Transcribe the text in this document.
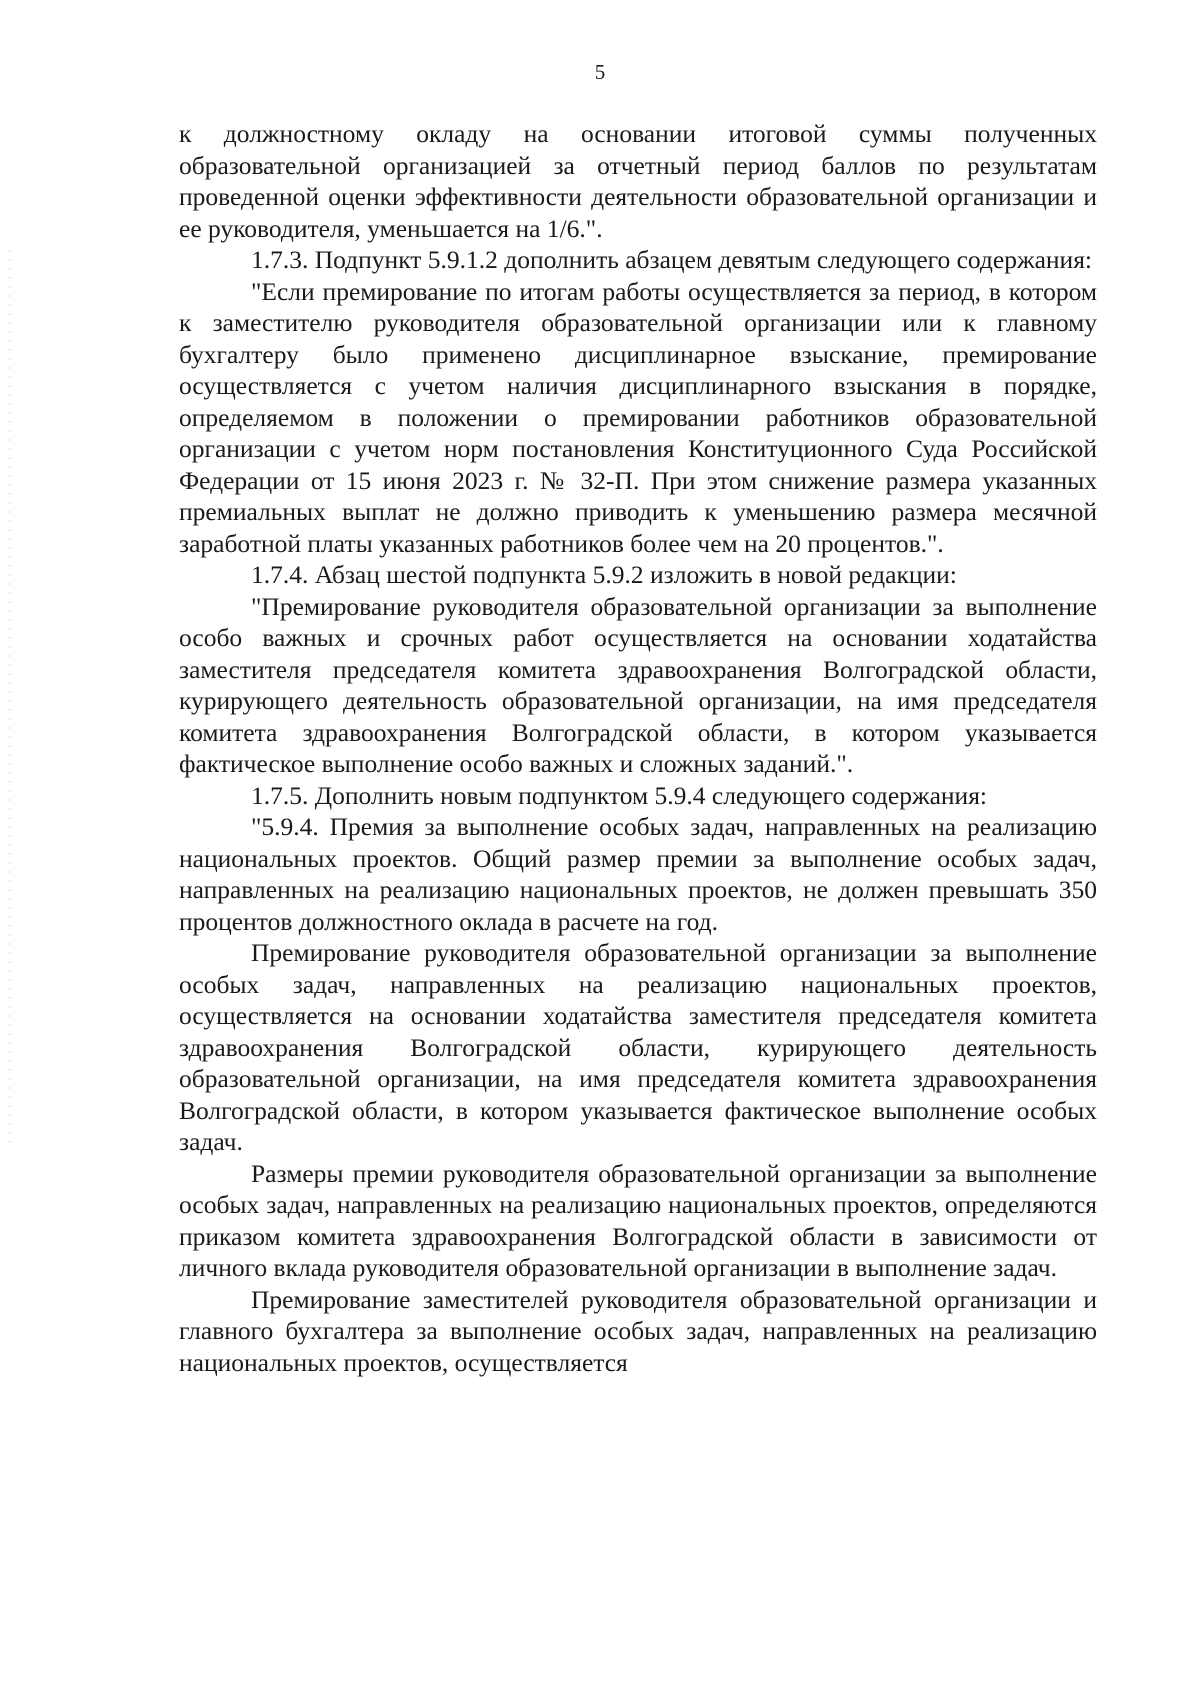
5

к должностному окладу на основании итоговой суммы полученных образовательной организацией за отчетный период баллов по результатам проведенной оценки эффективности деятельности образовательной организации и ее руководителя, уменьшается на 1/6.".

1.7.3. Подпункт 5.9.1.2 дополнить абзацем девятым следующего содержания:

"Если премирование по итогам работы осуществляется за период, в котором к заместителю руководителя образовательной организации или к главному бухгалтеру было применено дисциплинарное взыскание, премирование осуществляется с учетом наличия дисциплинарного взыскания в порядке, определяемом в положении о премировании работников образовательной организации с учетом норм постановления Конституционного Суда Российской Федерации от 15 июня 2023 г. № 32-П. При этом снижение размера указанных премиальных выплат не должно приводить к уменьшению размера месячной заработной платы указанных работников более чем на 20 процентов.".

1.7.4. Абзац шестой подпункта 5.9.2 изложить в новой редакции:

"Премирование руководителя образовательной организации за выполнение особо важных и срочных работ осуществляется на основании ходатайства заместителя председателя комитета здравоохранения Волгоградской области, курирующего деятельность образовательной организации, на имя председателя комитета здравоохранения Волгоградской области, в котором указывается фактическое выполнение особо важных и сложных заданий.".

1.7.5. Дополнить новым подпунктом 5.9.4 следующего содержания:

"5.9.4. Премия за выполнение особых задач, направленных на реализацию национальных проектов. Общий размер премии за выполнение особых задач, направленных на реализацию национальных проектов, не должен превышать 350 процентов должностного оклада в расчете на год.

Премирование руководителя образовательной организации за выполнение особых задач, направленных на реализацию национальных проектов, осуществляется на основании ходатайства заместителя председателя комитета здравоохранения Волгоградской области, курирующего деятельность образовательной организации, на имя председателя комитета здравоохранения Волгоградской области, в котором указывается фактическое выполнение особых задач.

Размеры премии руководителя образовательной организации за выполнение особых задач, направленных на реализацию национальных проектов, определяются приказом комитета здравоохранения Волгоградской области в зависимости от личного вклада руководителя образовательной организации в выполнение задач.

Премирование заместителей руководителя образовательной организации и главного бухгалтера за выполнение особых задач, направленных на реализацию национальных проектов, осуществляется
